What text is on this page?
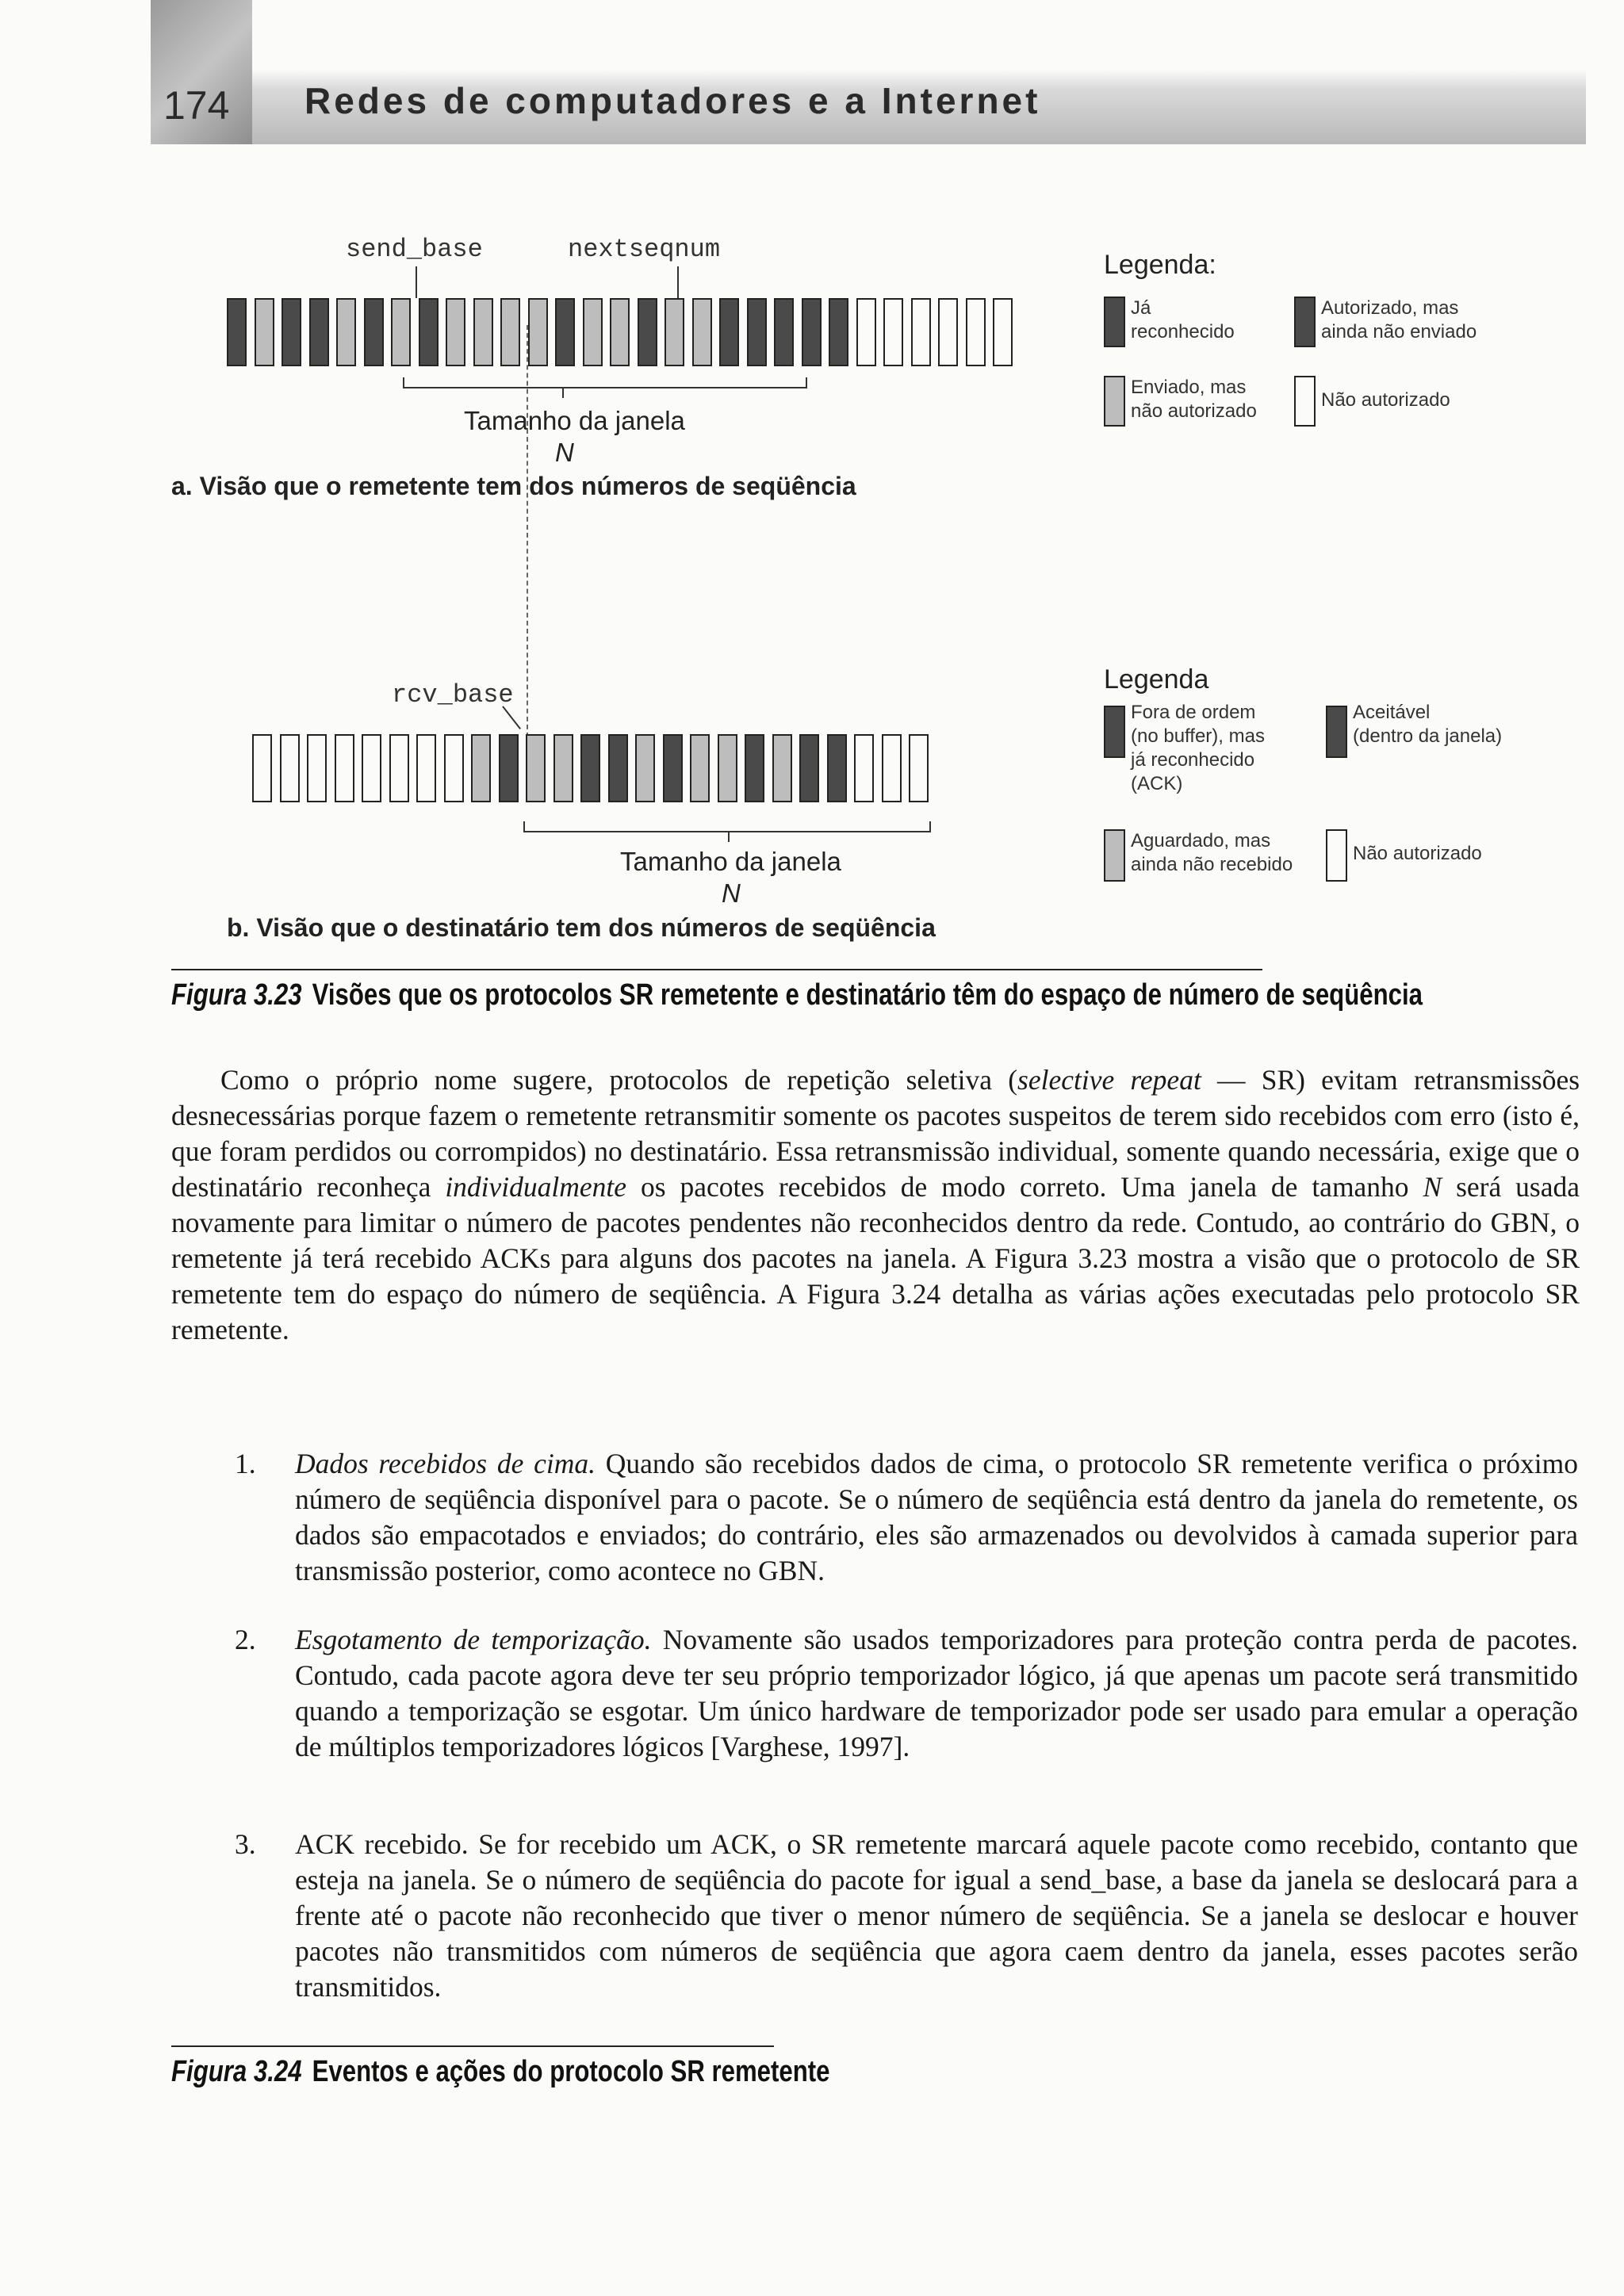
174 Redes de computadores e a Internet
send_base	nextseqnum
Tamanho da janela
N
a. Visão que o remetente tem dos números de seqüência
Legenda:
Já
reconhecido
Autorizado, mas
ainda não enviado
Enviado, mas
não autorizado
Não autorizado
rcv_base
Tamanho da janela
N
b. Visão que o destinatário tem dos números de seqüência
Legenda
Fora de ordem
(no buffer), mas
já reconhecido
(ACK)
Aceitável
(dentro da janela)
Aguardado, mas
ainda não recebido
Não autorizado
Figura 3.23 Visões que os protocolos SR remetente e destinatário têm do espaço de número de seqüência
Como o próprio nome sugere, protocolos de repetição seletiva (selective repeat — SR) evitam retransmissões desnecessárias porque fazem o remetente retransmitir somente os pacotes suspeitos de terem sido recebidos com erro (isto é, que foram perdidos ou corrompidos) no destinatário. Essa retransmissão individual, somente quando necessária, exige que o destinatário reconheça individualmente os pacotes recebidos de modo correto. Uma janela de tamanho N será usada novamente para limitar o número de pacotes pendentes não reconhecidos dentro da rede. Contudo, ao contrário do GBN, o remetente já terá recebido ACKs para alguns dos pacotes na janela. A Figura 3.23 mostra a visão que o protocolo de SR remetente tem do espaço do número de seqüência. A Figura 3.24 detalha as várias ações executadas pelo protocolo SR remetente.
1.	Dados recebidos de cima. Quando são recebidos dados de cima, o protocolo SR remetente verifica o próximo número de seqüência disponível para o pacote. Se o número de seqüência está dentro da janela do remetente, os dados são empacotados e enviados; do contrário, eles são armazenados ou devolvidos à camada superior para transmissão posterior, como acontece no GBN.
2.	Esgotamento de temporização. Novamente são usados temporizadores para proteção contra perda de pacotes. Contudo, cada pacote agora deve ter seu próprio temporizador lógico, já que apenas um pacote será transmitido quando a temporização se esgotar. Um único hardware de temporizador pode ser usado para emular a operação de múltiplos temporizadores lógicos [Varghese, 1997].
3.	ACK recebido. Se for recebido um ACK, o SR remetente marcará aquele pacote como recebido, contanto que esteja na janela. Se o número de seqüência do pacote for igual a send_base, a base da janela se deslocará para a frente até o pacote não reconhecido que tiver o menor número de seqüência. Se a janela se deslocar e houver pacotes não transmitidos com números de seqüência que agora caem dentro da janela, esses pacotes serão transmitidos.
Figura 3.24 Eventos e ações do protocolo SR remetente
